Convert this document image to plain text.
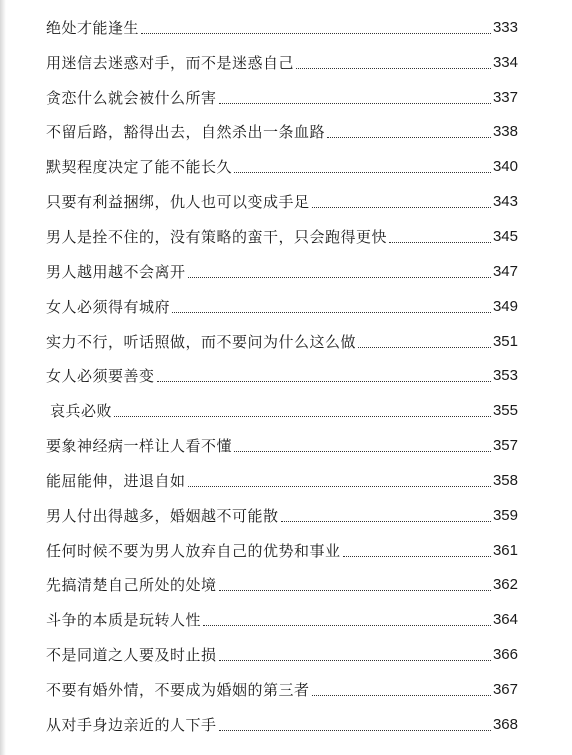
绝处才能逢生	333
用迷信去迷惑对手，而不是迷惑自己	334
贪恋什么就会被什么所害	337
不留后路，豁得出去，自然杀出一条血路	338
默契程度决定了能不能长久	340
只要有利益捆绑，仇人也可以变成手足	343
男人是拴不住的，没有策略的蛮干，只会跑得更快	345
男人越用越不会离开	347
女人必须得有城府	349
实力不行，听话照做，而不要问为什么这么做	351
女人必须要善变	353
哀兵必败	355
要象神经病一样让人看不懂	357
能屈能伸，进退自如	358
男人付出得越多，婚姻越不可能散	359
任何时候不要为男人放弃自己的优势和事业	361
先搞清楚自己所处的处境	362
斗争的本质是玩转人性	364
不是同道之人要及时止损	366
不要有婚外情，不要成为婚姻的第三者	367
从对手身边亲近的人下手	368
